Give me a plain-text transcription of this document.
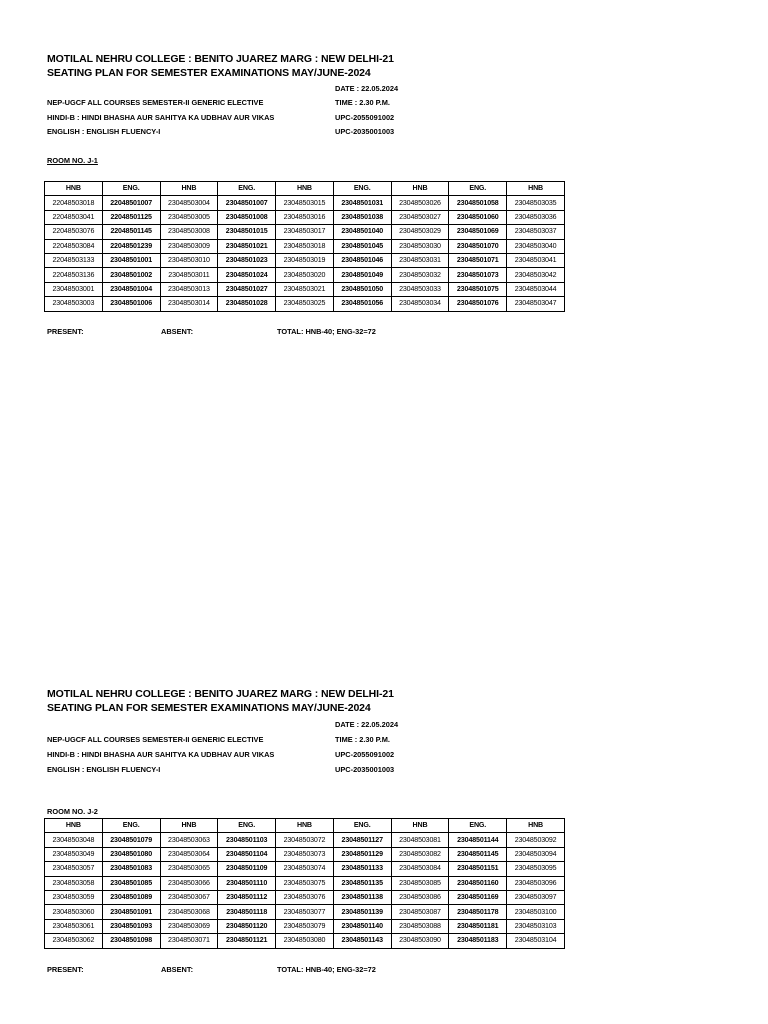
MOTILAL NEHRU COLLEGE : BENITO JUAREZ MARG : NEW DELHI-21
SEATING PLAN FOR SEMESTER EXAMINATIONS MAY/JUNE-2024
DATE : 22.05.2024
NEP-UGCF ALL COURSES SEMESTER-II GENERIC ELECTIVE	TIME : 2.30 P.M.
HINDI-B : HINDI BHASHA AUR SAHITYA KA UDBHAV AUR VIKAS	UPC-2055091002
ENGLISH : ENGLISH FLUENCY-I	UPC-2035001003
ROOM NO. J-1
HNB	ENG.	HNB	ENG.	HNB	ENG.	HNB	ENG.	HNB
22048503018	22048501007	23048503004	23048501007	23048503015	23048501031	23048503026	23048501058	23048503035
22048503041	22048501125	23048503005	23048501008	23048503016	23048501038	23048503027	23048501060	23048503036
22048503076	22048501145	23048503008	23048501015	23048503017	23048501040	23048503029	23048501069	23048503037
22048503084	22048501239	23048503009	23048501021	23048503018	23048501045	23048503030	23048501070	23048503040
22048503133	23048501001	23048503010	23048501023	23048503019	23048501046	23048503031	23048501071	23048503041
22048503136	23048501002	23048503011	23048501024	23048503020	23048501049	23048503032	23048501073	23048503042
23048503001	23048501004	23048503013	23048501027	23048503021	23048501050	23048503033	23048501075	23048503044
23048503003	23048501006	23048503014	23048501028	23048503025	23048501056	23048503034	23048501076	23048503047
PRESENT:	ABSENT:	TOTAL: HNB-40; ENG-32=72
MOTILAL NEHRU COLLEGE : BENITO JUAREZ MARG : NEW DELHI-21
SEATING PLAN FOR SEMESTER EXAMINATIONS MAY/JUNE-2024
DATE : 22.05.2024
NEP-UGCF ALL COURSES SEMESTER-II GENERIC ELECTIVE	TIME : 2.30 P.M.
HINDI-B : HINDI BHASHA AUR SAHITYA KA UDBHAV AUR VIKAS	UPC-2055091002
ENGLISH : ENGLISH FLUENCY-I	UPC-2035001003
ROOM NO. J-2
HNB	ENG.	HNB	ENG.	HNB	ENG.	HNB	ENG.	HNB
23048503048	23048501079	23048503063	23048501103	23048503072	23048501127	23048503081	23048501144	23048503092
23048503049	23048501080	23048503064	23048501104	23048503073	23048501129	23048503082	23048501145	23048503094
23048503057	23048501083	23048503065	23048501109	23048503074	23048501133	23048503084	23048501151	23048503095
23048503058	23048501085	23048503066	23048501110	23048503075	23048501135	23048503085	23048501160	23048503096
23048503059	23048501089	23048503067	23048501112	23048503076	23048501138	23048503086	23048501169	23048503097
23048503060	23048501091	23048503068	23048501118	23048503077	23048501139	23048503087	23048501178	23048503100
23048503061	23048501093	23048503069	23048501120	23048503079	23048501140	23048503088	23048501181	23048503103
23048503062	23048501098	23048503071	23048501121	23048503080	23048501143	23048503090	23048501183	23048503104
PRESENT:	ABSENT:	TOTAL: HNB-40; ENG-32=72
